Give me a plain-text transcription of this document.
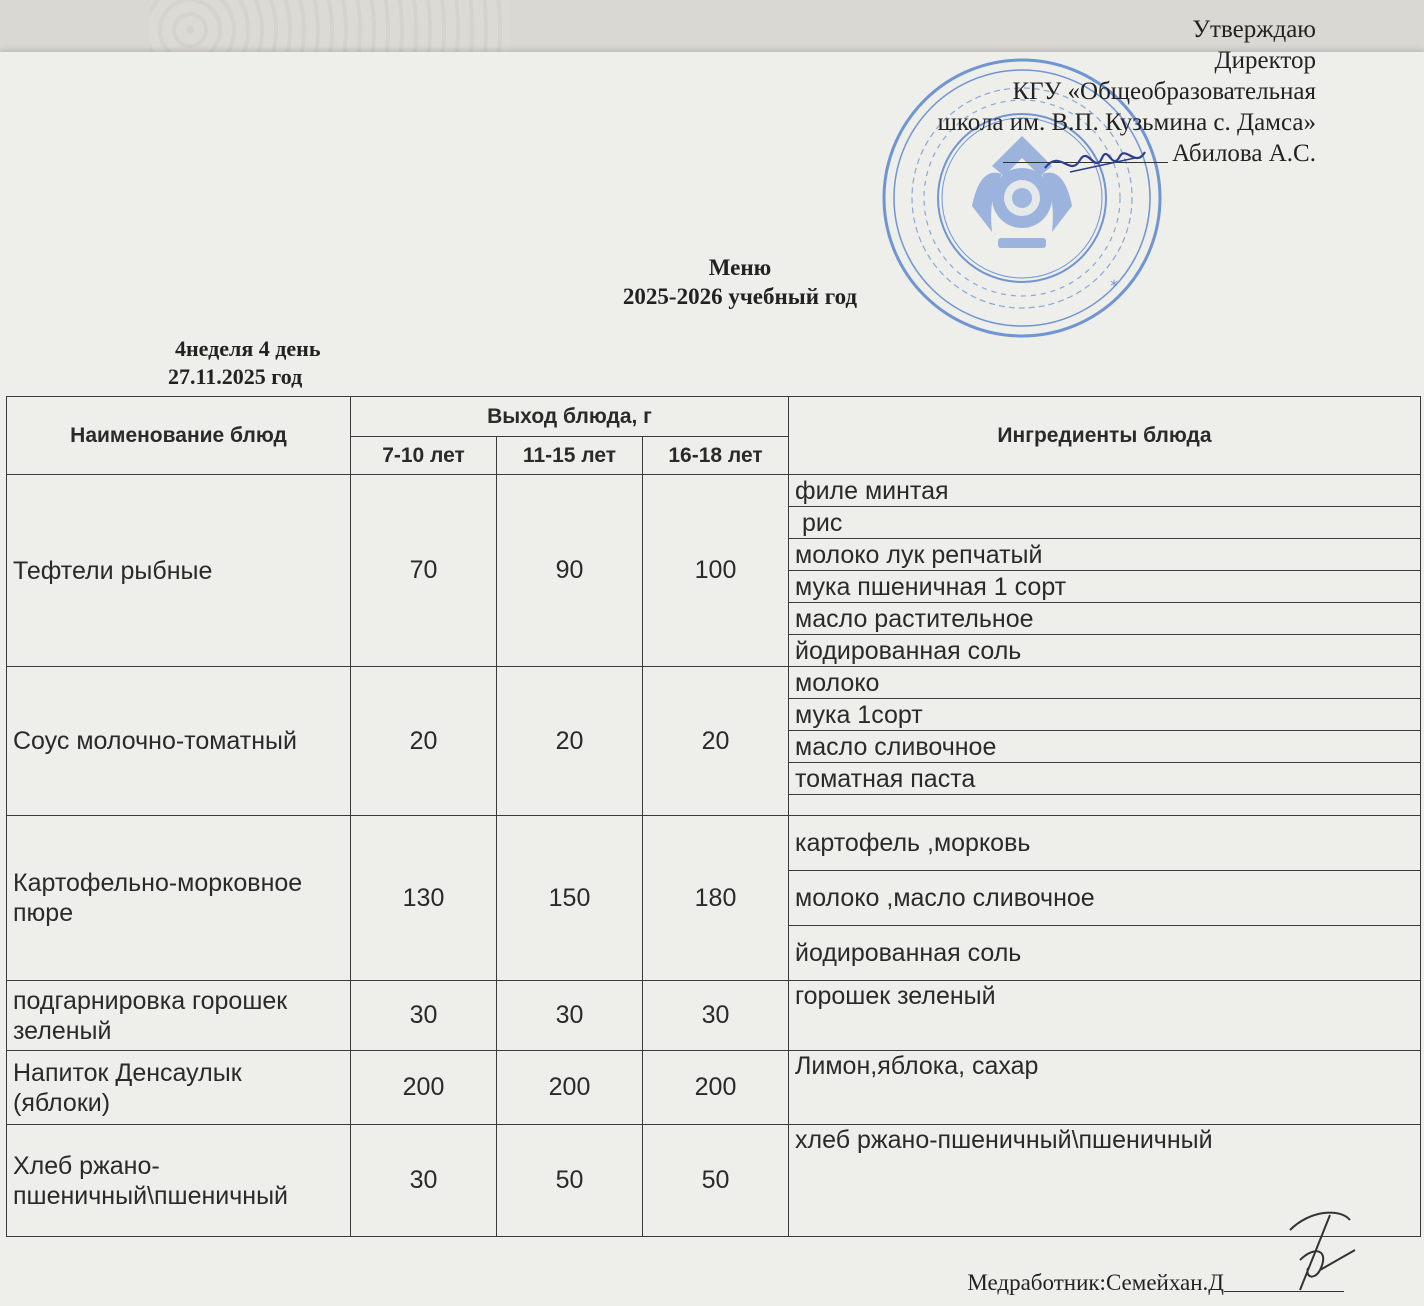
*
Утверждаю
Директор
КГУ «Общеобразовательная
школа им. В.П. Кузьмина с. Дамса»
Абилова А.С.
Меню
2025-2026 учебный год
4неделя 4 день
27.11.2025 год
Наименование блюд	Выход блюда, г			Ингредиенты блюда
	7-10 лет	11-15 лет	16-18 лет	
Тефтели рыбные	70	90	100	филе минтая
				рис
				молоко лук репчатый
				мука пшеничная 1 сорт
				масло растительное
				йодированная соль
Соус молочно-томатный	20	20	20	молоко
				мука 1сорт
				масло сливочное
				томатная паста

Картофельно-морковное пюре	130	150	180	картофель ,морковь
				молоко ,масло сливочное
				йодированная соль
подгарнировка горошек зеленый	30	30	30	горошек зеленый
Напиток Денсаулык (яблоки)	200	200	200	Лимон,яблока, сахар
Хлеб ржано-пшеничный\пшеничный	30	50	50	хлеб ржано-пшеничный\пшеничный
Медработник:Семейхан.Д
